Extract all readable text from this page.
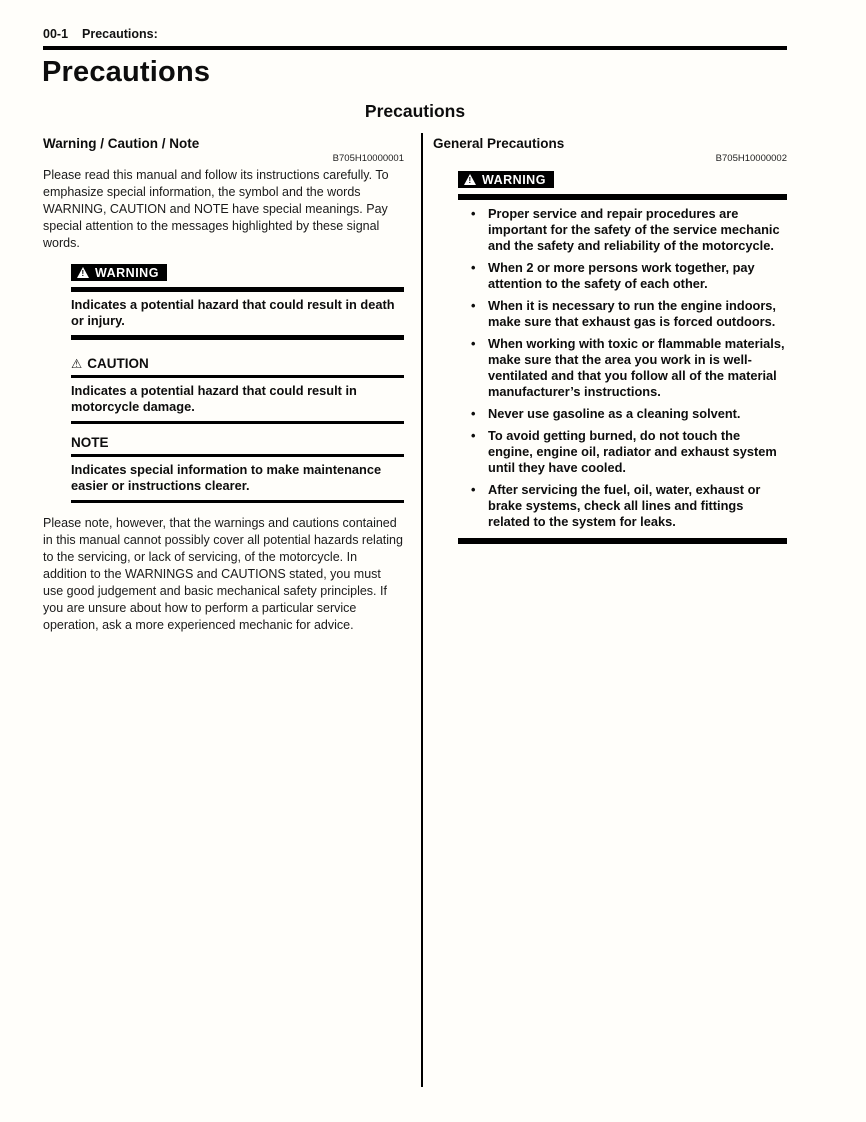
00-1 Precautions:
Precautions
Precautions
Warning / Caution / Note
B705H10000001

Please read this manual and follow its instructions carefully. To emphasize special information, the symbol and the words WARNING, CAUTION and NOTE have special meanings. Pay special attention to the messages highlighted by these signal words.

!
WARNING
Indicates a potential hazard that could result in death or injury.
⚠ CAUTION
Indicates a potential hazard that could result in motorcycle damage.
NOTE
Indicates special information to make maintenance easier or instructions clearer.

Please note, however, that the warnings and cautions contained in this manual cannot possibly cover all potential hazards relating to the servicing, or lack of servicing, of the motorcycle. In addition to the WARNINGS and CAUTIONS stated, you must use good judgement and basic mechanical safety principles. If you are unsure about how to perform a particular service operation, ask a more experienced mechanic for advice.

General Precautions
B705H10000002
!
WARNING
• Proper service and repair procedures are important for the safety of the service mechanic and the safety and reliability of the motorcycle.
• When 2 or more persons work together, pay attention to the safety of each other.
• When it is necessary to run the engine indoors, make sure that exhaust gas is forced outdoors.
• When working with toxic or flammable materials, make sure that the area you work in is well-ventilated and that you follow all of the material manufacturer’s instructions.
• Never use gasoline as a cleaning solvent.
• To avoid getting burned, do not touch the engine, engine oil, radiator and exhaust system until they have cooled.
• After servicing the fuel, oil, water, exhaust or brake systems, check all lines and fittings related to the system for leaks.
